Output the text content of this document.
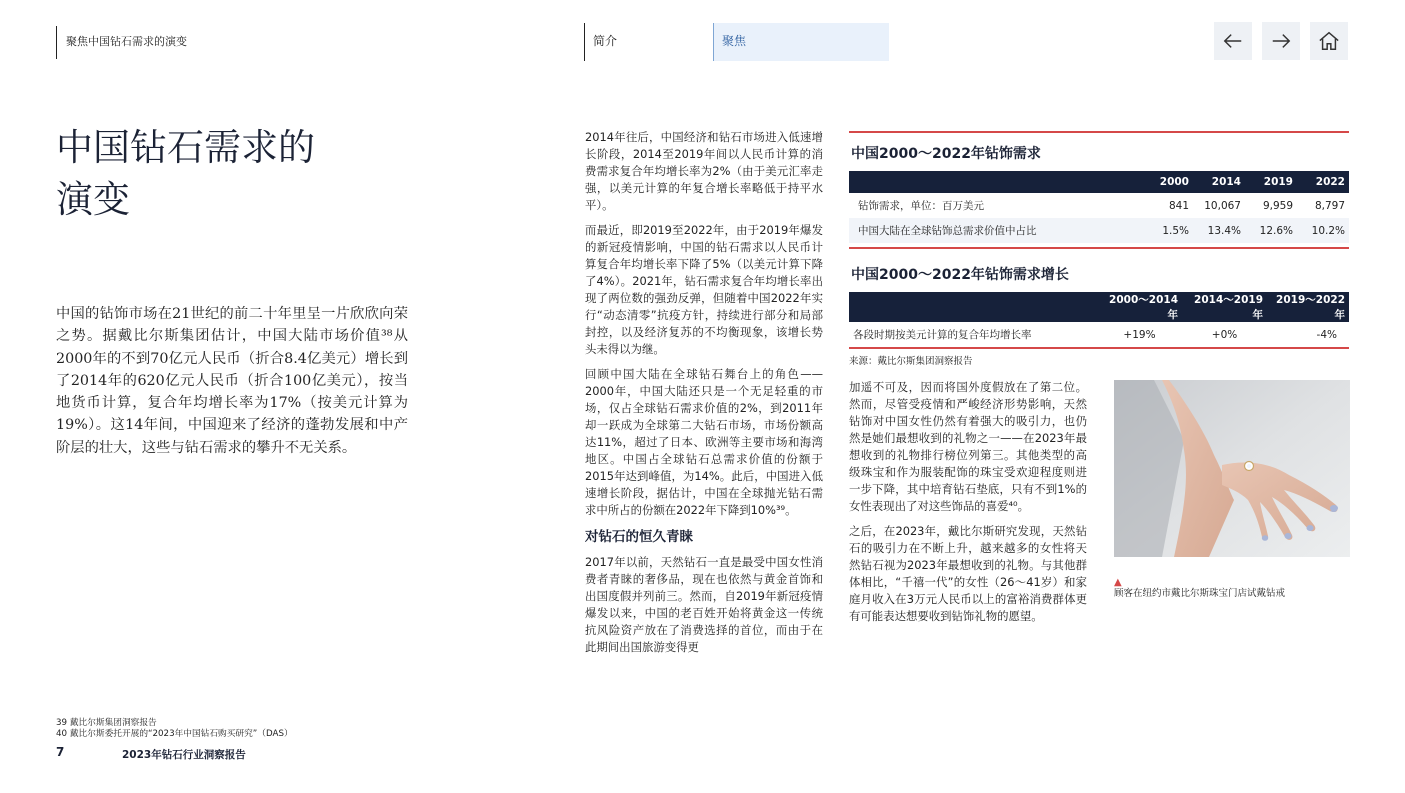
聚焦中国钻石需求的演变	简介	聚焦
中国钻石需求的
演变

中国的钻饰市场在21世纪的前二十年里呈一片欣欣向荣之势。据戴比尔斯集团估计，中国大陆市场价值³⁸从2000年的不到70亿元人民币（折合8.4亿美元）增长到了2014年的620亿元人民币（折合100亿美元），按当地货币计算，复合年均增长率为17%（按美元计算为19%）。这14年间，中国迎来了经济的蓬勃发展和中产阶层的壮大，这些与钻石需求的攀升不无关系。

2014年往后，中国经济和钻石市场进入低速增长阶段，2014至2019年间以人民币计算的消费需求复合年均增长率为2%（由于美元汇率走强，以美元计算的年复合增长率略低于持平水平）。

而最近，即2019至2022年，由于2019年爆发的新冠疫情影响，中国的钻石需求以人民币计算复合年均增长率下降了5%（以美元计算下降了4%）。2021年，钻石需求复合年均增长率出现了两位数的强劲反弹，但随着中国2022年实行“动态清零”抗疫方针，持续进行部分和局部封控，以及经济复苏的不均衡现象，该增长势头未得以为继。

回顾中国大陆在全球钻石舞台上的角色——2000年，中国大陆还只是一个无足轻重的市场，仅占全球钻石需求价值的2%，到2011年却一跃成为全球第二大钻石市场，市场份额高达11%，超过了日本、欧洲等主要市场和海湾地区。中国占全球钻石总需求价值的份额于2015年达到峰值，为14%。此后，中国进入低速增长阶段，据估计，中国在全球抛光钻石需求中所占的份额在2022年下降到10%³⁹。

对钻石的恒久青睐

2017年以前，天然钻石一直是最受中国女性消费者青睐的奢侈品，现在也依然与黄金首饰和出国度假并列前三。然而，自2019年新冠疫情爆发以来，中国的老百姓开始将黄金这一传统抗风险资产放在了消费选择的首位，而由于在此期间出国旅游变得更

中国2000～2022年钻饰需求
	2000	2014	2019	2022
钻饰需求，单位：百万美元	841	10,067	9,959	8,797
中国大陆在全球钻饰总需求价值中占比	1.5%	13.4%	12.6%	10.2%
中国2000～2022年钻饰需求增长
	2000～2014年	2014～2019年	2019～2022年
各段时期按美元计算的复合年均增长率	+19%	+0%	-4%
来源：戴比尔斯集团洞察报告

加遥不可及，因而将国外度假放在了第二位。然而，尽管受疫情和严峻经济形势影响，天然钻饰对中国女性仍然有着强大的吸引力，也仍然是她们最想收到的礼物之一——在2023年最想收到的礼物排行榜位列第三。其他类型的高级珠宝和作为服装配饰的珠宝受欢迎程度则进一步下降，其中培育钻石垫底，只有不到1%的女性表现出了对这些饰品的喜爱⁴⁰。

之后，在2023年，戴比尔斯研究发现，天然钻石的吸引力在不断上升，越来越多的女性将天然钻石视为2023年最想收到的礼物。与其他群体相比，“千禧一代”的女性（26～41岁）和家庭月收入在3万元人民币以上的富裕消费群体更有可能表达想要收到钻饰礼物的愿望。

▲
顾客在纽约市戴比尔斯珠宝门店试戴钻戒
39 戴比尔斯集团洞察报告
40 戴比尔斯委托开展的“2023年中国钻石购买研究”（DAS）
7	2023年钻石行业洞察报告
